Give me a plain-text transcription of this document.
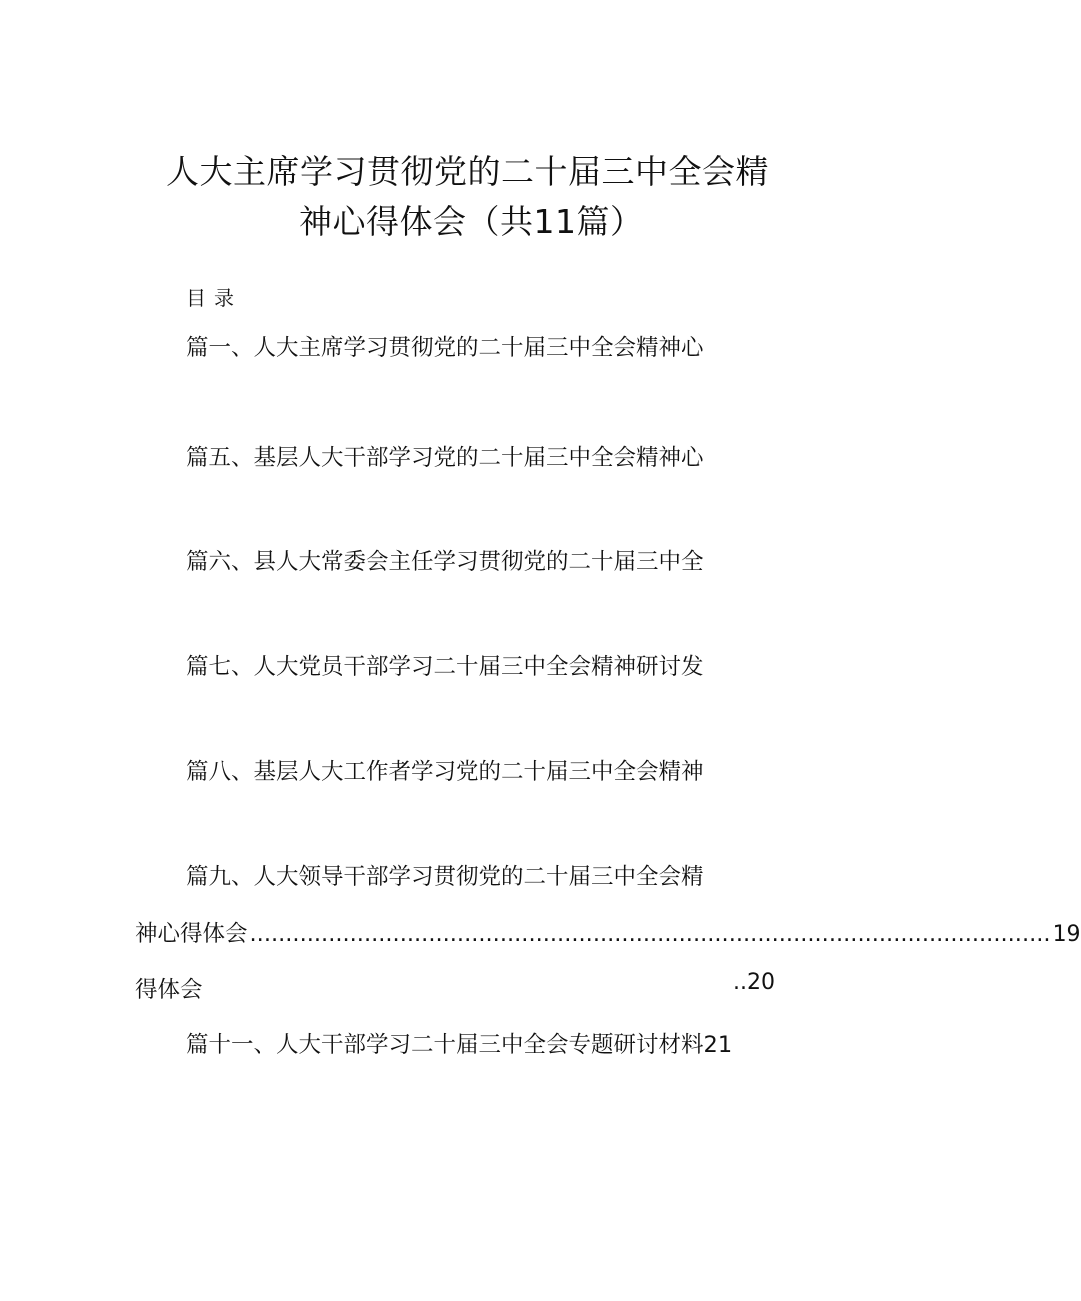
人大主席学习贯彻党的二十届三中全会精
神心得体会（共11篇）
目录
篇一、人大主席学习贯彻党的二十届三中全会精神心
篇五、基层人大干部学习党的二十届三中全会精神心
篇六、县人大常委会主任学习贯彻党的二十届三中全
篇七、人大党员干部学习二十届三中全会精神研讨发
篇八、基层人大工作者学习党的二十届三中全会精神
篇九、人大领导干部学习贯彻党的二十届三中全会精
神心得体会 ................................................................................................................ 19
得体会	..20
篇十一、人大干部学习二十届三中全会专题研讨材料21
